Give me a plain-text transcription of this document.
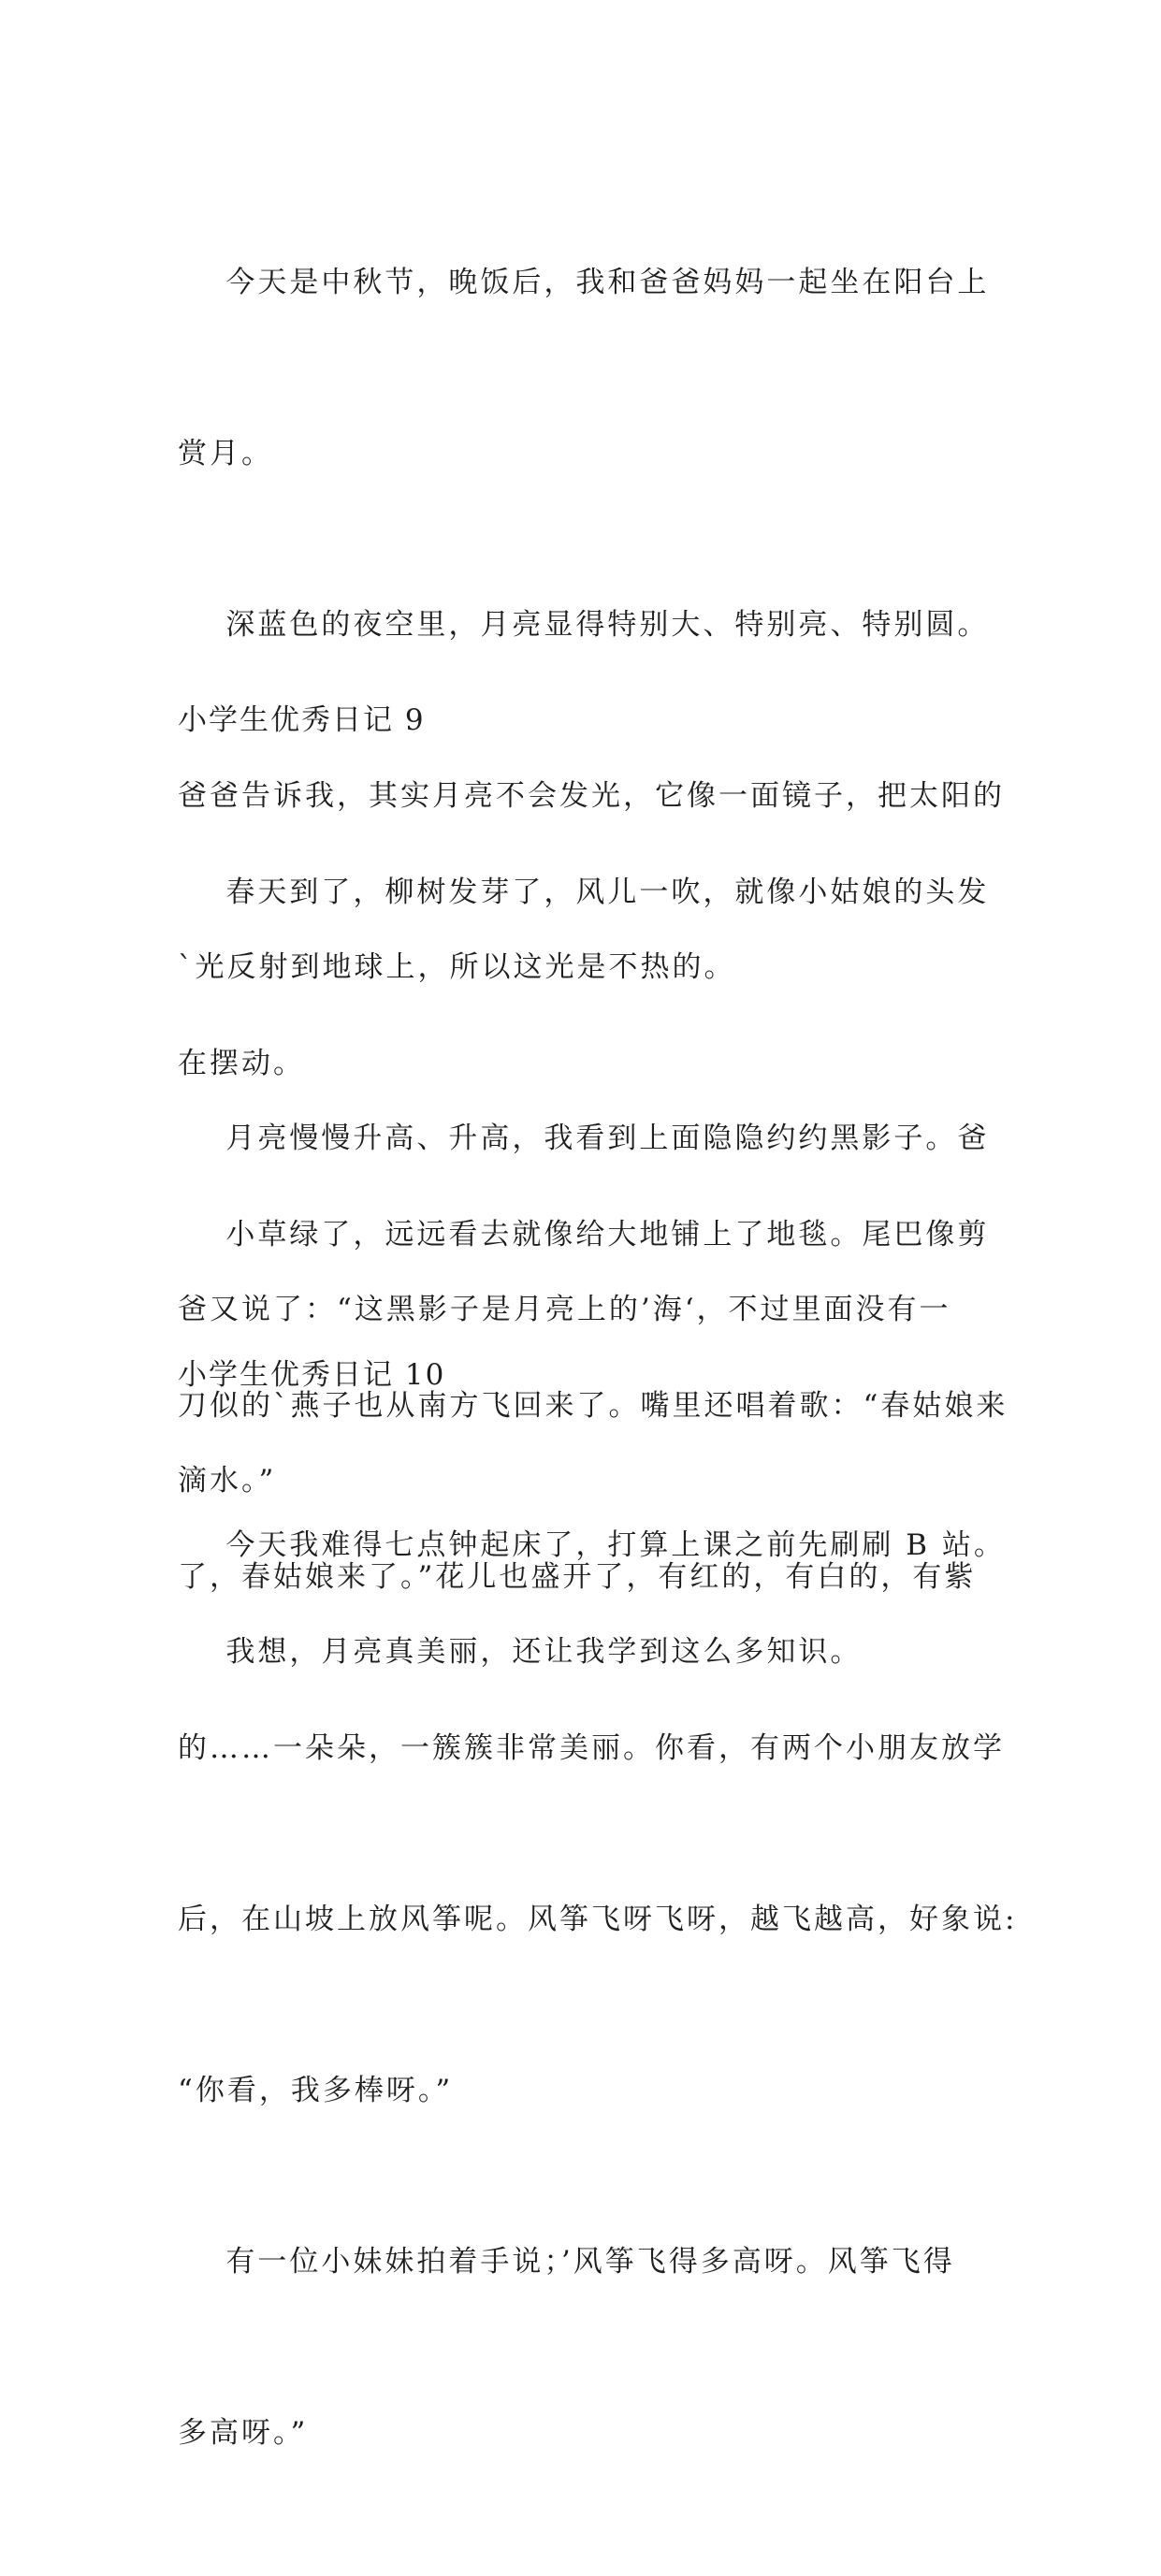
今天是中秋节，晚饭后，我和爸爸妈妈一起坐在阳台上

赏月。

深蓝色的夜空里，月亮显得特别大、特别亮、特别圆。

爸爸告诉我，其实月亮不会发光，它像一面镜子，把太阳的

`光反射到地球上，所以这光是不热的。

月亮慢慢升高、升高，我看到上面隐隐约约黑影子。爸

爸又说了：“这黑影子是月亮上的’海‘，不过里面没有一

滴水。”

我想，月亮真美丽，还让我学到这么多知识。

小学生优秀日记 9

春天到了，柳树发芽了，风儿一吹，就像小姑娘的头发

在摆动。

小草绿了，远远看去就像给大地铺上了地毯。尾巴像剪

刀似的`燕子也从南方飞回来了。嘴里还唱着歌：“春姑娘来

了，春姑娘来了。”花儿也盛开了，有红的，有白的，有紫

的……一朵朵，一簇簇非常美丽。你看，有两个小朋友放学

后，在山坡上放风筝呢。风筝飞呀飞呀，越飞越高，好象说:

“你看，我多棒呀。”

有一位小妹妹拍着手说；’风筝飞得多高呀。风筝飞得

多高呀。”

小学生优秀日记 10

今天我难得七点钟起床了，打算上课之前先刷刷 B 站。
